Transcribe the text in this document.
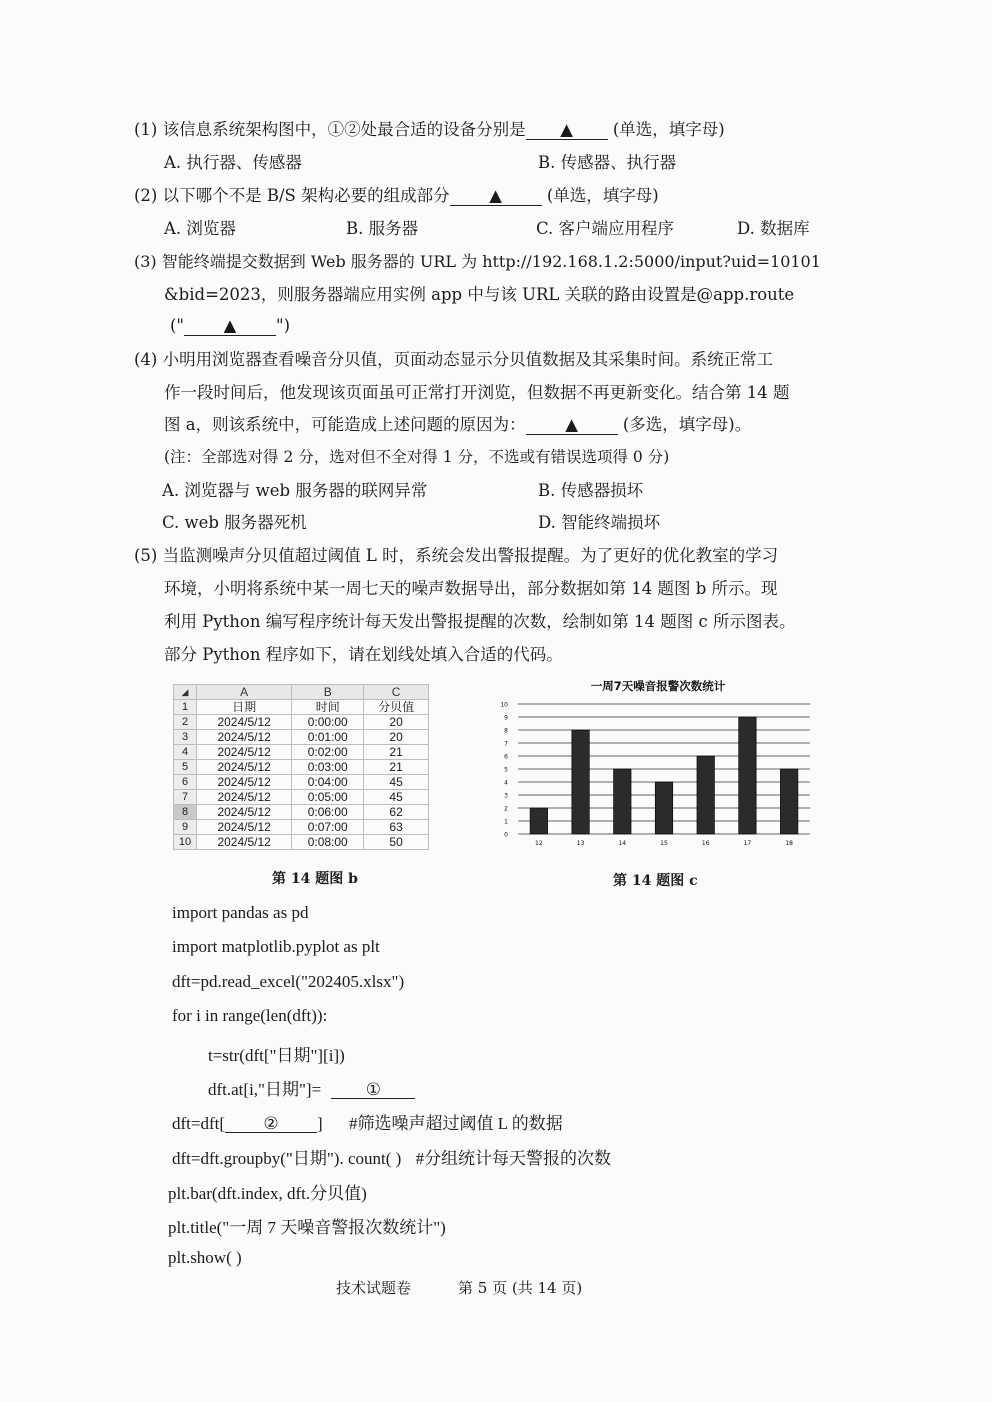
(1) 该信息系统架构图中，①②处最合适的设备分别是 ▲ (单选，填字母)
A. 执行器、传感器	B. 传感器、执行器
(2) 以下哪个不是 B/S 架构必要的组成部分 ▲	(单选，填字母)
A. 浏览器	B. 服务器	C. 客户端应用程序	D. 数据库
(3) 智能终端提交数据到 Web 服务器的 URL 为 http://192.168.1.2:5000/input?uid=10101
&bid=2023，则服务器端应用实例 app 中与该 URL 关联的路由设置是@app.route
(" ▲ ")
(4) 小明用浏览器查看噪音分贝值，页面动态显示分贝值数据及其采集时间。系统正常工
作一段时间后，他发现该页面虽可正常打开浏览，但数据不再更新变化。结合第 14 题
图 a，则该系统中，可能造成上述问题的原因为： ▲	(多选，填字母)。
(注：全部选对得 2 分，选对但不全对得 1 分，不选或有错误选项得 0 分)
A. 浏览器与 web 服务器的联网异常	B. 传感器损坏
C. web 服务器死机	D. 智能终端损坏
(5) 当监测噪声分贝值超过阈值 L 时，系统会发出警报提醒。为了更好的优化教室的学习
环境，小明将系统中某一周七天的噪声数据导出，部分数据如第 14 题图 b 所示。现
利用 Python 编写程序统计每天发出警报提醒的次数，绘制如第 14 题图 c 所示图表。
部分 Python 程序如下，请在划线处填入合适的代码。
◢	A	B	C
1	日期	时间	分贝值
2	2024/5/12	0:00:00	20
3	2024/5/12	0:01:00	20
4	2024/5/12	0:02:00	21
5	2024/5/12	0:03:00	21
6	2024/5/12	0:04:00	45
7	2024/5/12	0:05:00	45
8	2024/5/12	0:06:00	62
9	2024/5/12	0:07:00	63
10	2024/5/12	0:08:00	50
第 14 题图 b
一周7天噪音报警次数统计
0
1
2
3
4
5
6
7
8
9
10
12	13	14	15	16	17	18
第 14 题图 c
import pandas as pd
import matplotlib.pyplot as plt
dft=pd.read_excel("202405.xlsx")
for i in range(len(dft)):
t=str(dft["日期"][i])
dft.at[i,"日期"]=	①
dft=dft[ ② ] #筛选噪声超过阈值 L 的数据
dft=dft.groupby("日期"). count( ) #分组统计每天警报的次数
plt.bar(dft.index, dft.分贝值)
plt.title("一周 7 天噪音警报次数统计")
plt.show( )
技术试题卷	第 5 页 (共 14 页)
